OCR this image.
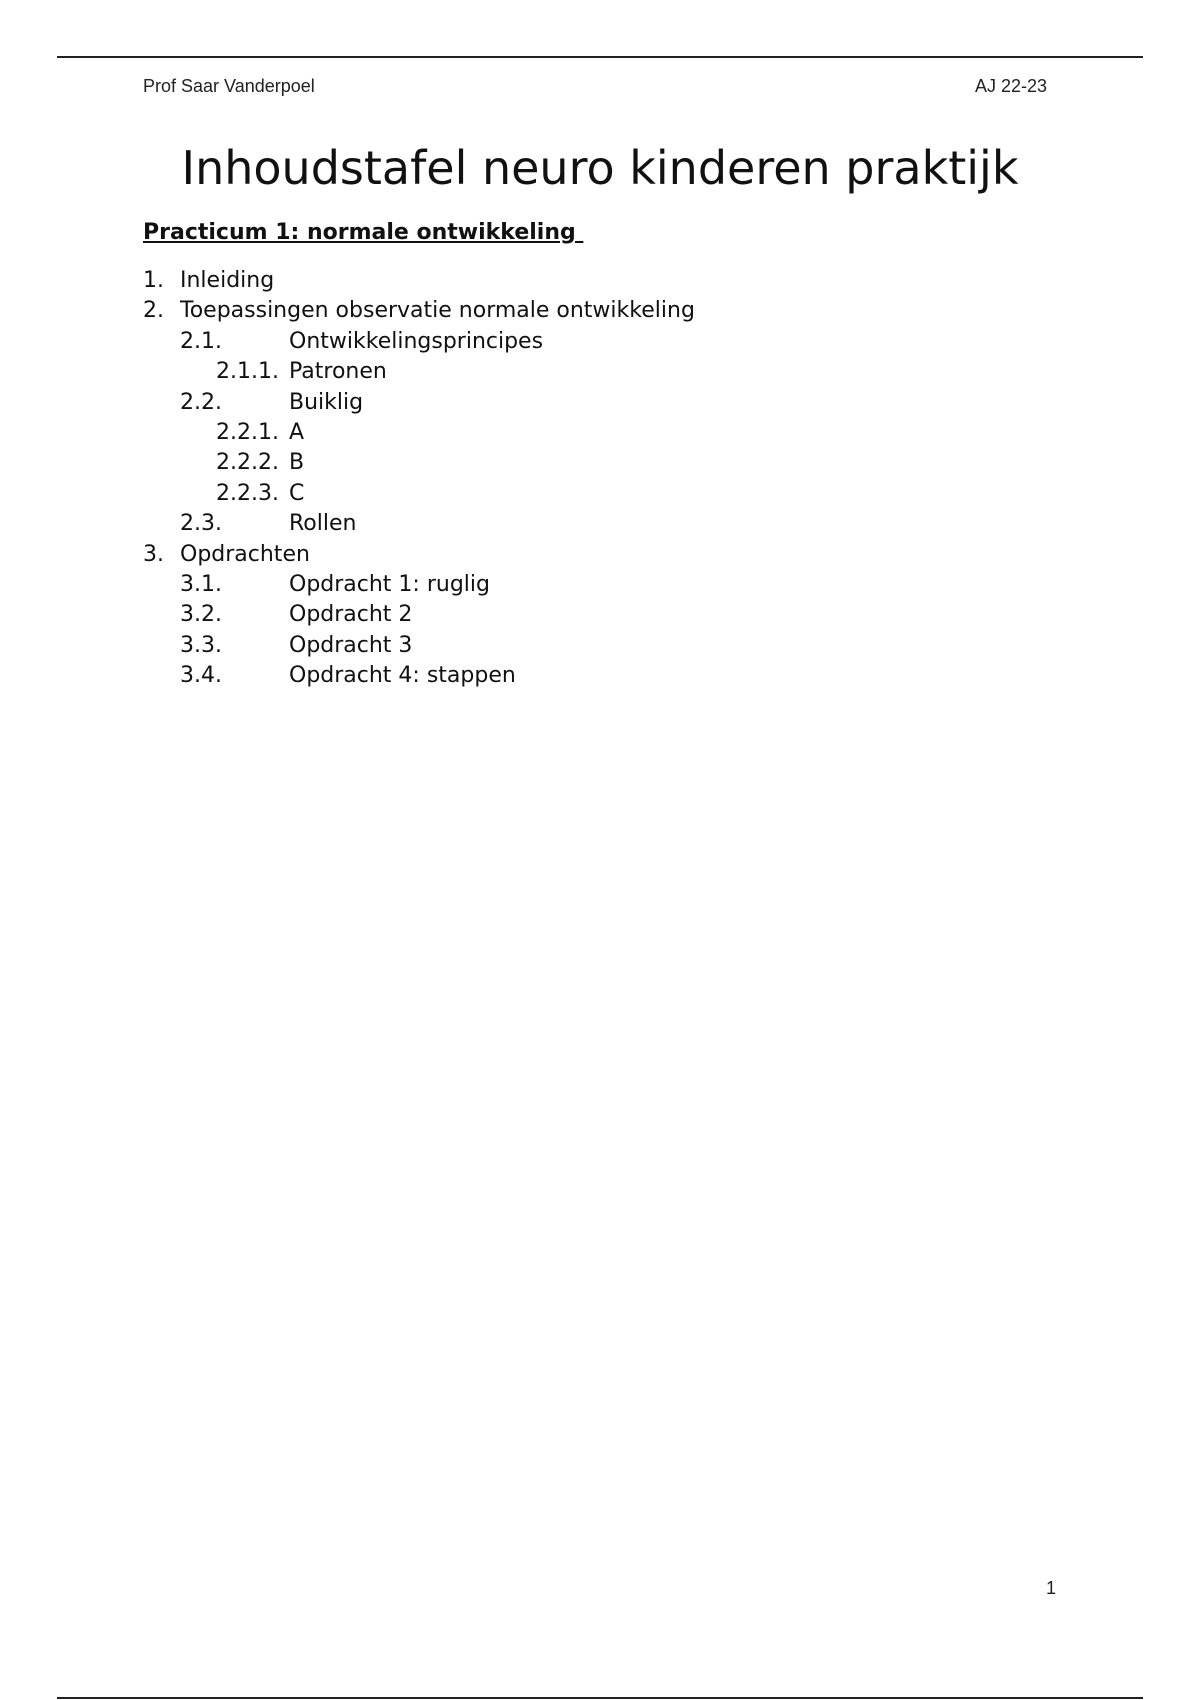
Prof Saar Vanderpoel	AJ 22-23
Inhoudstafel neuro kinderen praktijk
Practicum 1: normale ontwikkeling
1. Inleiding
2. Toepassingen observatie normale ontwikkeling
2.1.	Ontwikkelingsprincipes
2.1.1. Patronen
2.2.	Buiklig
2.2.1. A
2.2.2. B
2.2.3. C
2.3.	Rollen
3. Opdrachten
3.1.	Opdracht 1: ruglig
3.2.	Opdracht 2
3.3.	Opdracht 3
3.4.	Opdracht 4: stappen
1
